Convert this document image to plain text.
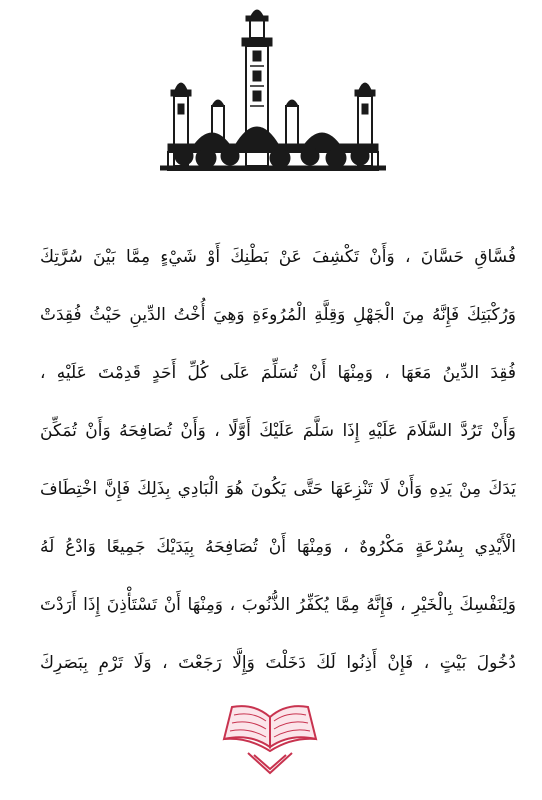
فُسَّاقِ حَسَّانَ ، وَأَنْ تَكْشِفَ عَنْ بَطْنِكَ أَوْ شَيْءٍ مِمَّا بَيْنَ سُرَّتِكَ
وَرُكْبَتِكَ فَإِنَّهُ مِنَ الْجَهْلِ وَقِلَّةِ الْمُرُوءَةِ وَهِيَ أُخْتُ الدِّينِ حَيْثُ فُقِدَتْ
فُقِدَ الدِّينُ مَعَهَا ، وَمِنْهَا أَنْ تُسَلِّمَ عَلَى كُلِّ أَحَدٍ قَدِمْتَ عَلَيْهِ ،
وَأَنْ تَرُدَّ السَّلَامَ عَلَيْهِ إِذَا سَلَّمَ عَلَيْكَ أَوَّلًا ، وَأَنْ تُصَافِحَهُ وَأَنْ تُمَكِّنَ
يَدَكَ مِنْ يَدِهِ وَأَنْ لَا تَنْزِعَهَا حَتَّى يَكُونَ هُوَ الْبَادِي بِذَلِكَ فَإِنَّ اخْتِطَافَ
الْأَيْدِي بِسُرْعَةٍ مَكْرُوهٌ ، وَمِنْهَا أَنْ تُصَافِحَهُ بِيَدَيْكَ جَمِيعًا وَادْعُ لَهُ
وَلِنَفْسِكَ بِالْخَيْرِ ، فَإِنَّهُ مِمَّا يُكَفِّرُ الذُّنُوبَ ، وَمِنْهَا أَنْ تَسْتَأْذِنَ إِذَا أَرَدْتَ
دُخُولَ بَيْتٍ ، فَإِنْ أَذِنُوا لَكَ دَخَلْتَ وَإِلَّا رَجَعْتَ ، وَلَا تَرْمِ بِبَصَرِكَ
